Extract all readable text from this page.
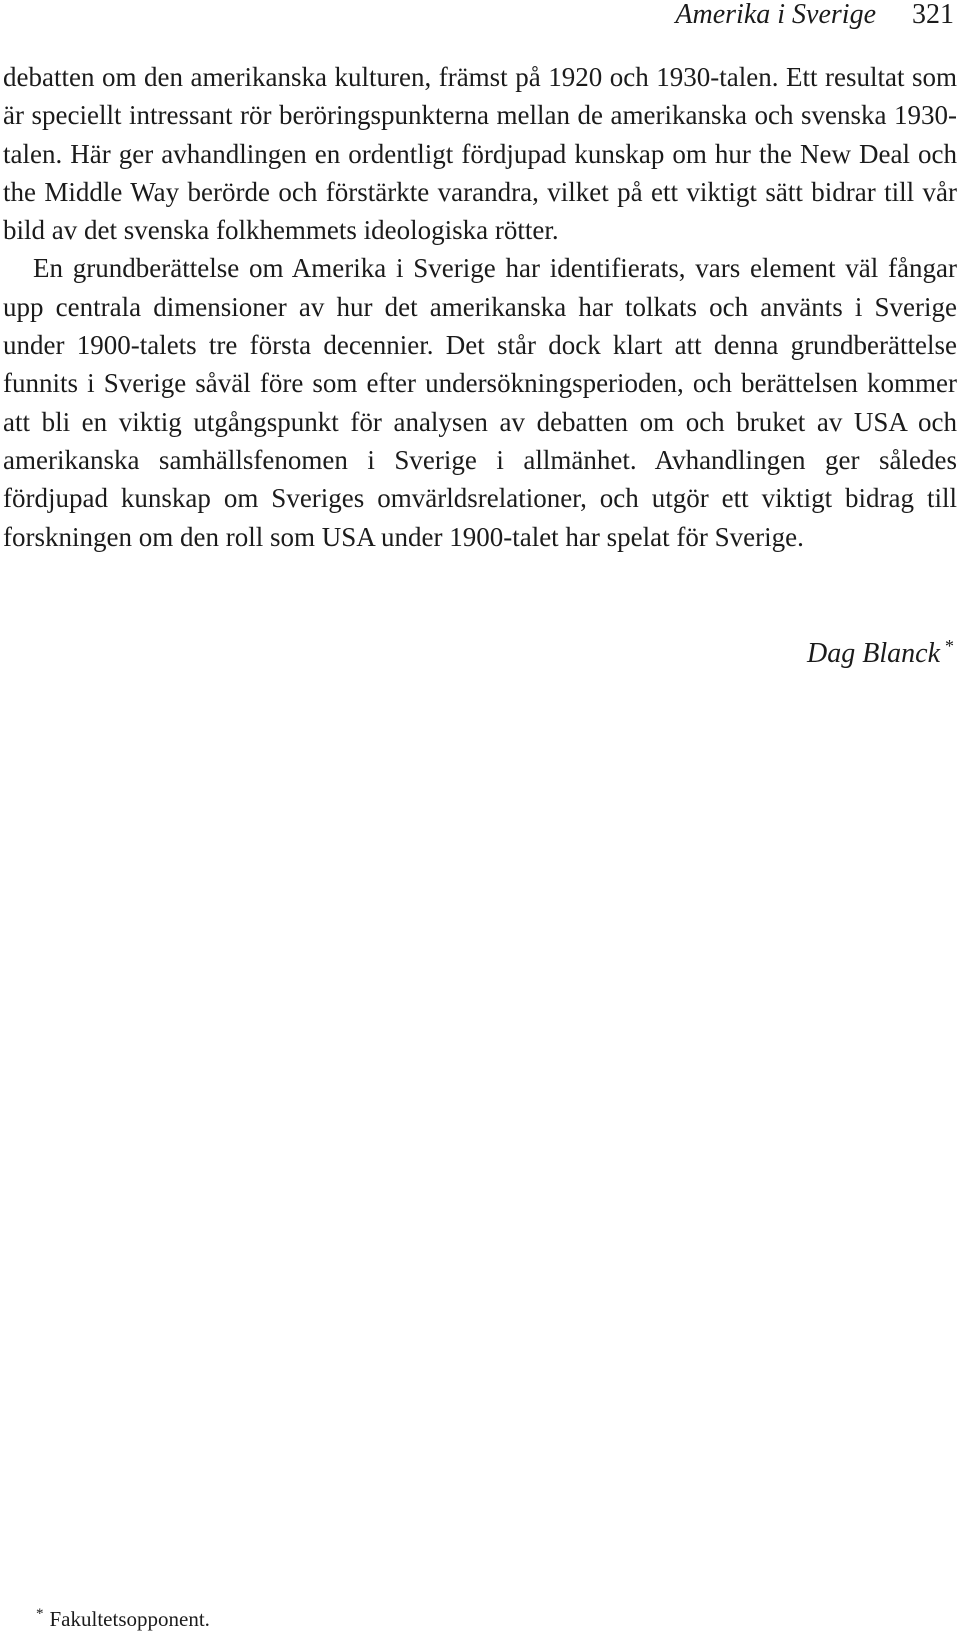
Amerika i Sverige 321

debatten om den amerikanska kulturen, främst på 1920 och 1930-talen. Ett resultat som är speciellt intressant rör beröringspunkterna mellan de amerikanska och svenska 1930-talen. Här ger avhandlingen en ordentligt fördjupad kunskap om hur the New Deal och the Middle Way berörde och förstärkte varandra, vilket på ett viktigt sätt bidrar till vår bild av det svenska folkhemmets ideologiska rötter.

En grundberättelse om Amerika i Sverige har identifierats, vars element väl fångar upp centrala dimensioner av hur det amerikanska har tolkats och använts i Sverige under 1900-talets tre första decennier. Det står dock klart att denna grundberättelse funnits i Sverige såväl före som efter undersökningsperioden, och berättelsen kommer att bli en viktig utgångspunkt för analysen av debatten om och bruket av USA och amerikanska samhällsfenomen i Sverige i allmänhet. Avhandlingen ger således fördjupad kunskap om Sveriges omvärldsrelationer, och utgör ett viktigt bidrag till forskningen om den roll som USA under 1900-talet har spelat för Sverige.

Dag Blanck *
* Fakultetsopponent.
